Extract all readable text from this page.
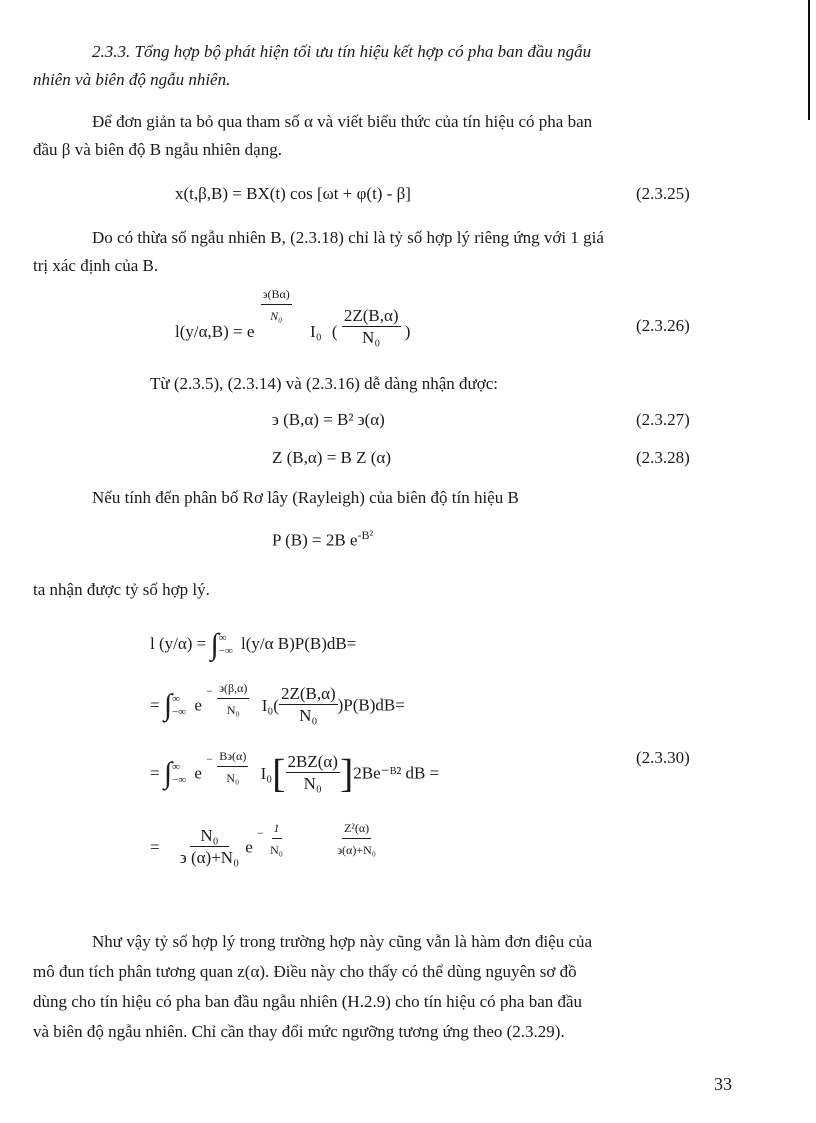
2.3.3. Tổng hợp bộ phát hiện tối ưu tín hiệu kết hợp có pha ban đầu ngẫu
nhiên và biên độ ngẫu nhiên.
Để đơn giản ta bỏ qua tham số α và viết biểu thức của tín hiệu có pha ban
đầu β và biên độ B ngẫu nhiên dạng.
x(t,β,B) = BX(t) cos [ωt + φ(t) - β]	(2.3.25)
Do có thừa số ngẫu nhiên B, (2.3.18) chỉ là tỷ số hợp lý riêng ứng với 1 giá
trị xác định của B.
l(y/α,B) = e
$\frac{϶(B\alpha)}{\text{N₀}}$
I₀ ( $\frac{2Z(B,\alpha)}{\text{N₀}}$ )	(2.3.26)
Từ (2.3.5), (2.3.14) và (2.3.16) dễ dàng nhận được:
϶ (B,α) = B² ϶(α)	(2.3.27)
Z (B,α) = B Z (α)	(2.3.28)
Nếu tính đến phân bố Rơ lây (Rayleigh) của biên độ tín hiệu B
P (B) = 2B $e^{-B^2}$
ta nhận được tỷ số hợp lý.
l (y/α) = ∫ ∞
−∞ l(y/α B)P(B)dB=
= ∫ ∞
−∞ e $^- \frac{϶(\beta,\alpha)}{\text{N₀}} I_0( \frac{2Z(B,\alpha)}{\text{N₀}} )P(B)dB=$
= ∫ ∞
−∞ e $^- \frac{B϶(\alpha)}{\text{N₀}} I_0[ \frac{2BZ(\alpha)}{\text{N₀}}$ ]2Be⁻ᴮ² dB =
(2.3.30)
= $\frac{\text{N₀}}{\text{϶ (α)+N₀}}$ e $^- \frac{1}{\text{N₀}}$
	$\frac{\text{Z²(α)}}{\text{϶(α)+N₀}}$
Như vậy tỷ số hợp lý trong trường hợp này cũng vẫn là hàm đơn điệu của
mô đun tích phân tương quan z(α). Điều này cho thấy có thể dùng nguyên sơ đồ
dùng cho tín hiệu có pha ban đầu ngẫu nhiên (H.2.9) cho tín hiệu có pha ban đầu
và biên độ ngẫu nhiên. Chỉ cần thay đổi mức ngưỡng tương ứng theo (2.3.29).
33
